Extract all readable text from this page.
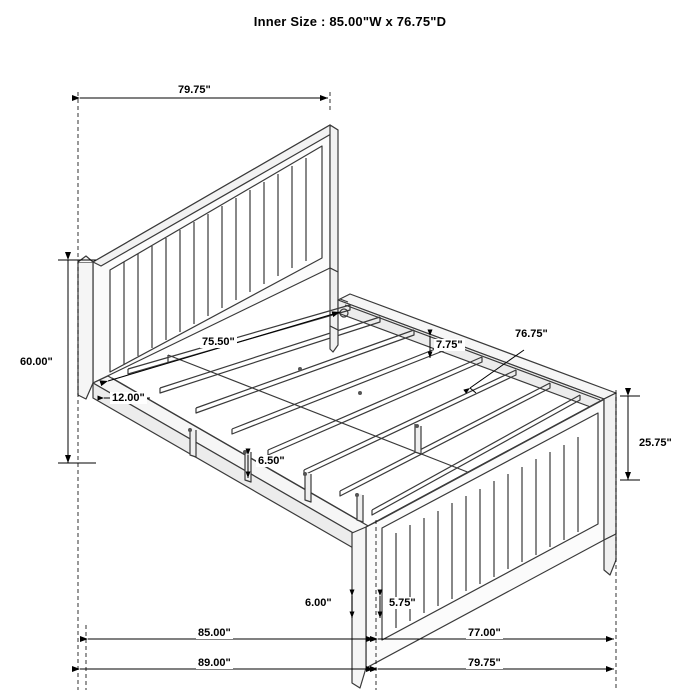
Inner Size : 85.00"W x 76.75"D
79.75"
60.00"
12.00"
75.50"	7.75"
76.75"
6.50"
25.75"
6.00"	5.75"
85.00"	77.00"
89.00"	79.75"
